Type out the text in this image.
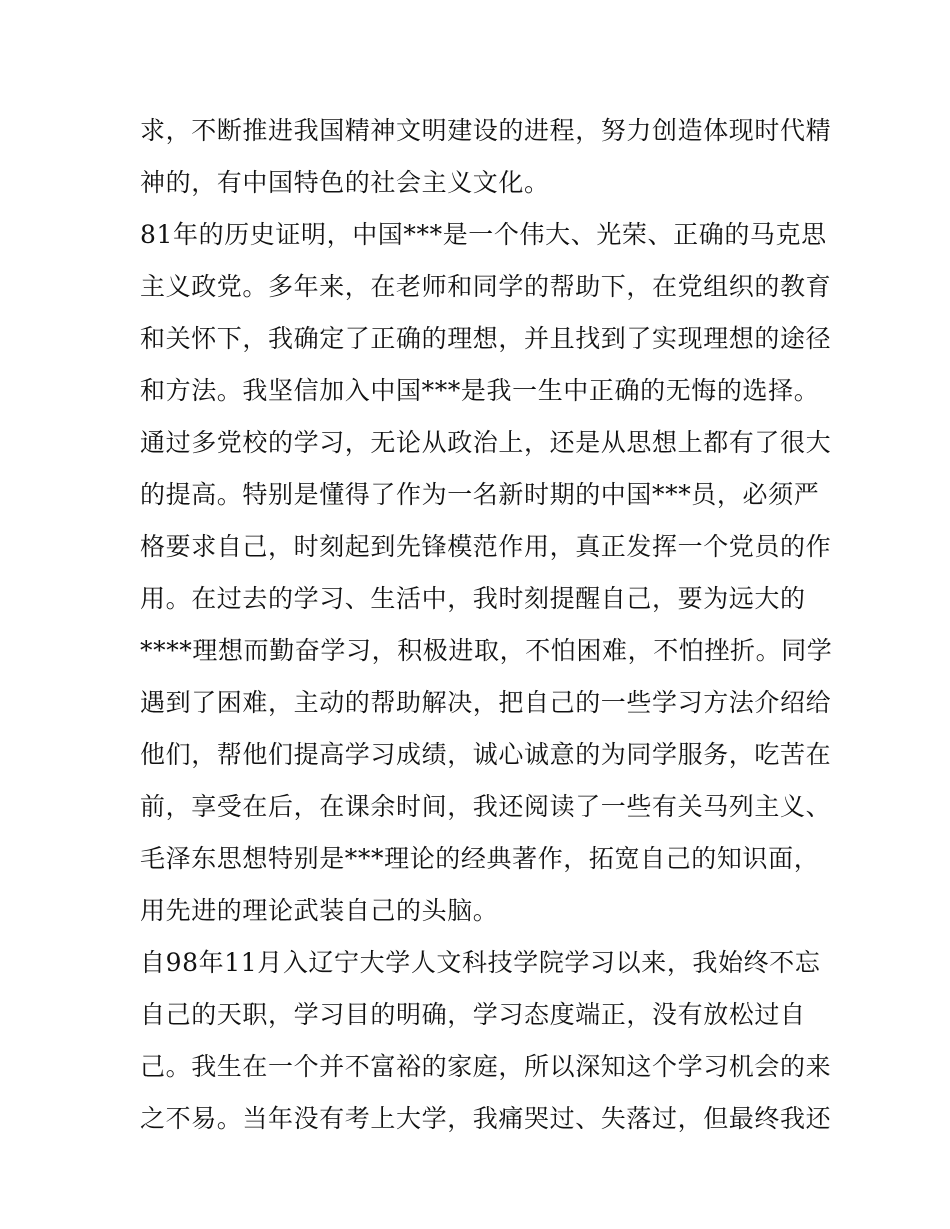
求，不断推进我国精神文明建设的进程，努力创造体现时代精
神的，有中国特色的社会主义文化。
81年的历史证明，中国***是一个伟大、光荣、正确的马克思
主义政党。多年来，在老师和同学的帮助下，在党组织的教育
和关怀下，我确定了正确的理想，并且找到了实现理想的途径
和方法。我坚信加入中国***是我一生中正确的无悔的选择。
通过多党校的学习，无论从政治上，还是从思想上都有了很大
的提高。特别是懂得了作为一名新时期的中国***员，必须严
格要求自己，时刻起到先锋模范作用，真正发挥一个党员的作
用。在过去的学习、生活中，我时刻提醒自己，要为远大的
****理想而勤奋学习，积极进取，不怕困难，不怕挫折。同学
遇到了困难，主动的帮助解决，把自己的一些学习方法介绍给
他们，帮他们提高学习成绩，诚心诚意的为同学服务，吃苦在
前，享受在后，在课余时间，我还阅读了一些有关马列主义、
毛泽东思想特别是***理论的经典著作，拓宽自己的知识面，
用先进的理论武装自己的头脑。
自98年11月入辽宁大学人文科技学院学习以来，我始终不忘
自己的天职，学习目的明确，学习态度端正，没有放松过自
己。我生在一个并不富裕的家庭，所以深知这个学习机会的来
之不易。当年没有考上大学，我痛哭过、失落过，但最终我还
